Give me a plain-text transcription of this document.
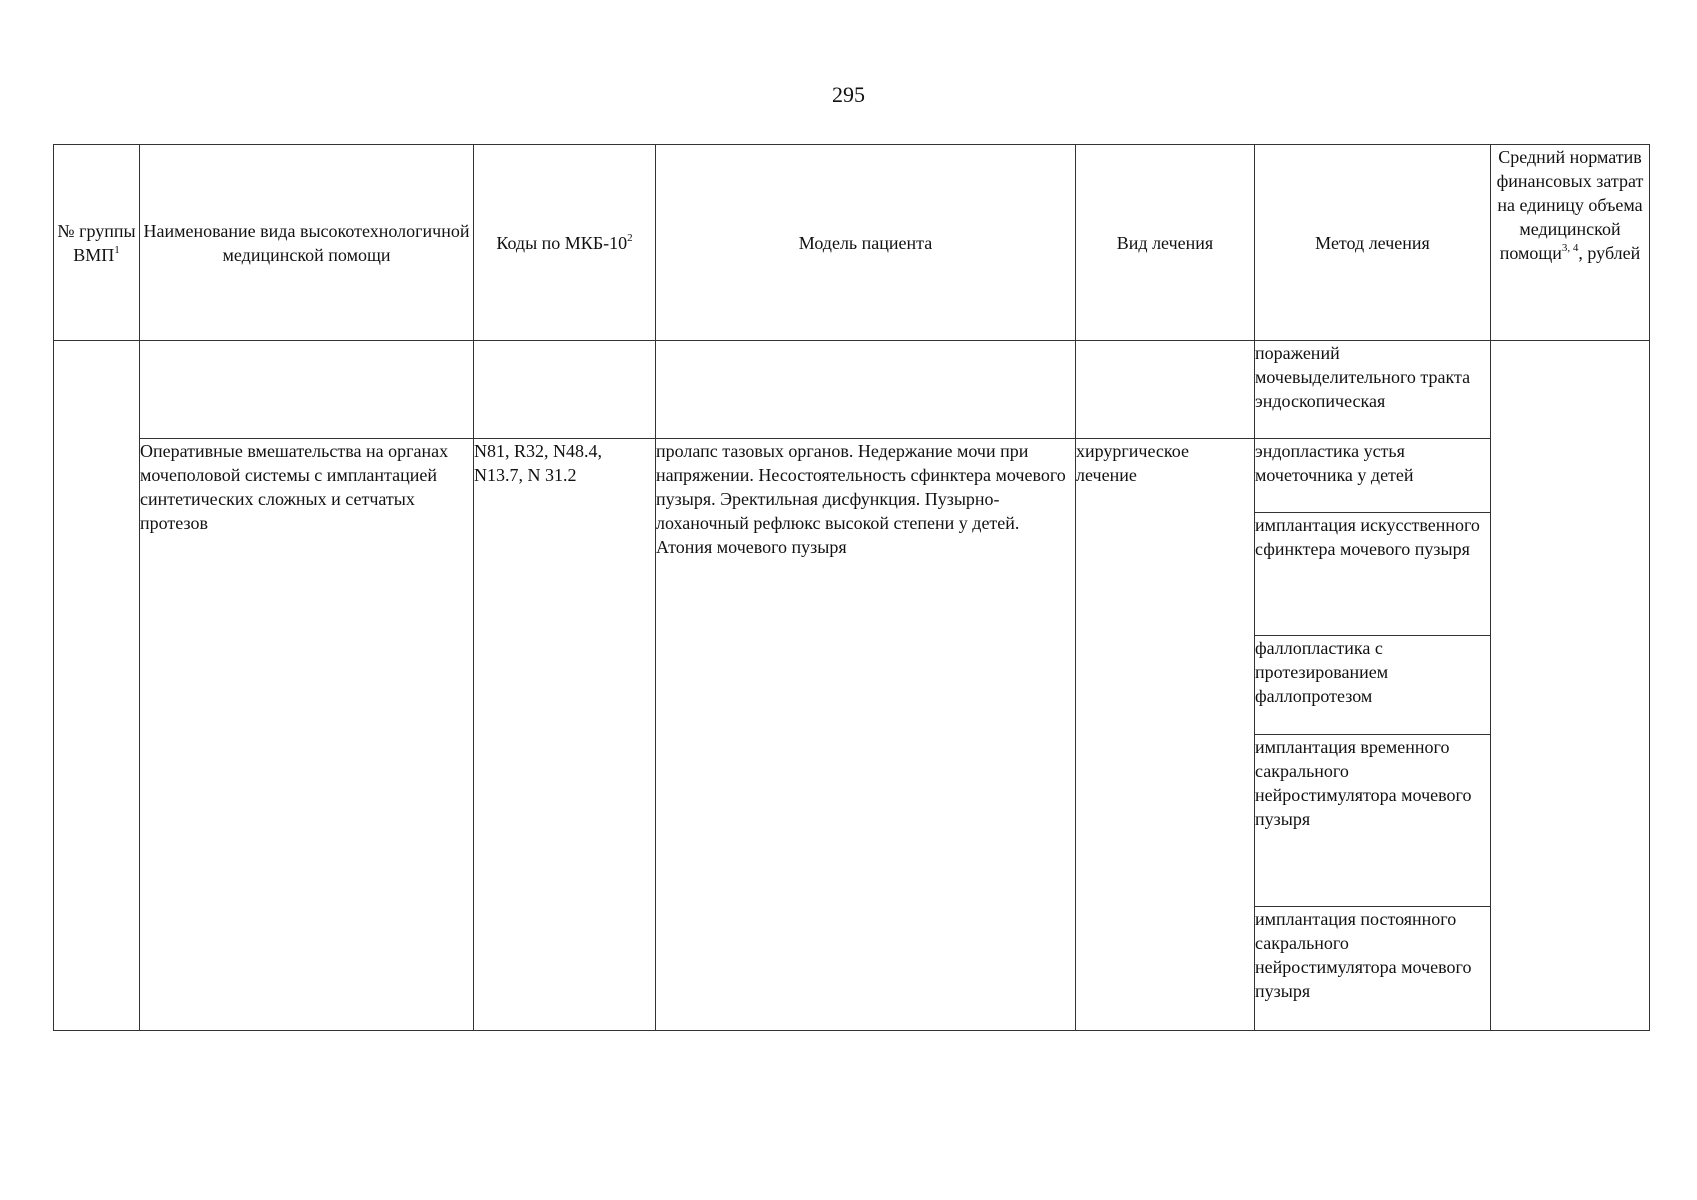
295
№ группы ВМП$^1$	Наименование вида высокотехнологичной медицинской помощи	Коды по МКБ-$10^2$	Модель пациента	Вид лечения	Метод лечения	Средний норматив финансовых затрат на единицу объема медицинской помощи$^{3, 4}$, рублей
					поражений мочевыделительного тракта эндоскопическая	
	Оперативные вмешательства на органах мочеполовой системы с имплантацией синтетических сложных и сетчатых протезов	N81, R32, N48.4, N13.7, N 31.2	пролапс тазовых органов. Недержание мочи при напряжении. Несостоятельность сфинктера мочевого пузыря. Эректильная дисфункция. Пузырно-лоханочный рефлюкс высокой степени у детей. Атония мочевого пузыря	хирургическое лечение	эндопластика устья мочеточника у детей	
					имплантация искусственного сфинктера мочевого пузыря	
					фаллопластика с протезированием фаллопротезом	
					имплантация временного сакрального нейростимулятора мочевого пузыря	
					имплантация постоянного сакрального нейростимулятора мочевого пузыря	
